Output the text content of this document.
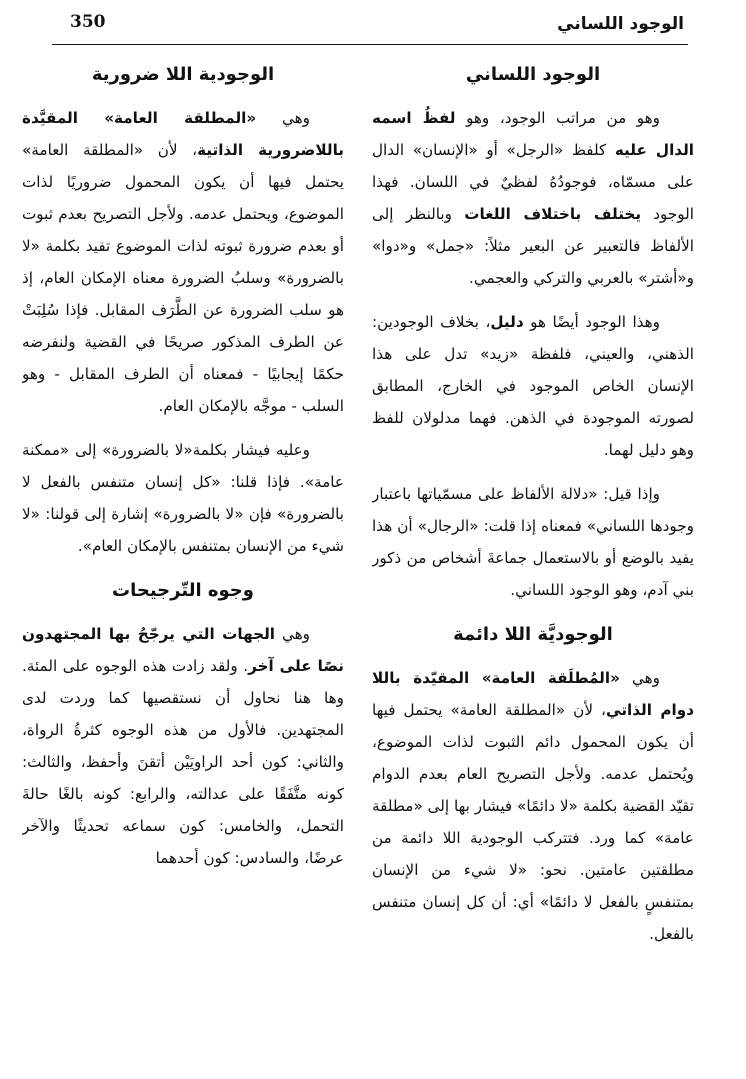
350	الوجود اللساني
الوجود اللساني

وهو من مراتب الوجود، وهو لفظُ اسمه الدال عليه كلفظ «الرجل» أو «الإنسان» الدال على مسمّاه، فوجودُهُ لفظيٌ في اللسان. فهذا الوجود يختلف باختلاف اللغات وبالنظر إلى الألفاظ فالتعبير عن البعير مثلاً: «جمل» و«دوا» و«أشتر» بالعربي والتركي والعجمي.

وهذا الوجود أيضًا هو دليل، بخلاف الوجودين: الذهني، والعيني، فلفظة «زيد» تدل على هذا الإنسان الخاص الموجود في الخارج، المطابق لصورته الموجودة في الذهن. فهما مدلولان للفظ وهو دليل لهما.

وإذا قيل: «دلالة الألفاظ على مسمّياتها باعتبار وجودها اللساني» فمعناه إذا قلت: «الرجال» أن هذا يفيد بالوضع أو بالاستعمال جماعةَ أشخاص من ذكور بني آدم، وهو الوجود اللساني.

الوجوديَّة اللا دائمة

وهي «المُطلَقة العامة» المقيّدة باللا دوام الذاتي، لأن «المطلقة العامة» يحتمل فيها أن يكون المحمول دائم الثبوت لذات الموضوع، ويُحتمل عدمه. ولأجل التصريح العام بعدم الدوام تقيّد القضية بكلمة «لا دائمًا» فيشار بها إلى «مطلقة عامة» كما ورد. فتتركب الوجودية اللا دائمة من مطلقتين عامتين. نحو: «لا شيء من الإنسان بمتنفسٍ بالفعل لا دائمًا» أي: أن كل إنسان متنفس بالفعل.

الوجودية اللا ضرورية

وهي «المطلقة العامة» المقيَّدة باللاضرورية الذاتية، لأن «المطلقة العامة» يحتمل فيها أن يكون المحمول ضروريًا لذات الموضوع، ويحتمل عدمه. ولأجل التصريح بعدم ثبوت أو بعدم ضرورة ثبوته لذات الموضوع تفيد بكلمة «لا بالضرورة» وسلبُ الضرورة معناه الإمكان العام، إذ هو سلب الضرورة عن الطَّرَف المقابل. فإذا سُلِبَتْ عن الطرف المذكور صريحًا في القضية ولنفرضه حكمًا إيجابيًا - فمعناه أن الطرف المقابل - وهو السلب - موجَّه بالإمكان العام.

وعليه فيشار بكلمة«لا بالضرورة» إلى «ممكنة عامة». فإذا قلنا: «كل إنسان متنفس بالفعل لا بالضرورة» فإن «لا بالضرورة» إشارة إلى قولنا: «لا شيء من الإنسان بمتنفس بالإمكان العام».

وجوه التّرجيحات

وهي الجهات التي يرجّحُ بها المجتهدون نصًا على آخر. ولقد زادت هذه الوجوه على المئة. وها هنا نحاول أن نستقصيها كما وردت لدى المجتهدين. فالأول من هذه الوجوه كثرةُ الرواة، والثاني: كون أحد الراويَيْن أتقنَ وأحفظ، والثالث: كونه متَّفَقًا على عدالته، والرابع: كونه بالغًا حالةَ التحمل، والخامس: كون سماعه تحديثًا والآخر عرضًا، والسادس: كون أحدهما
